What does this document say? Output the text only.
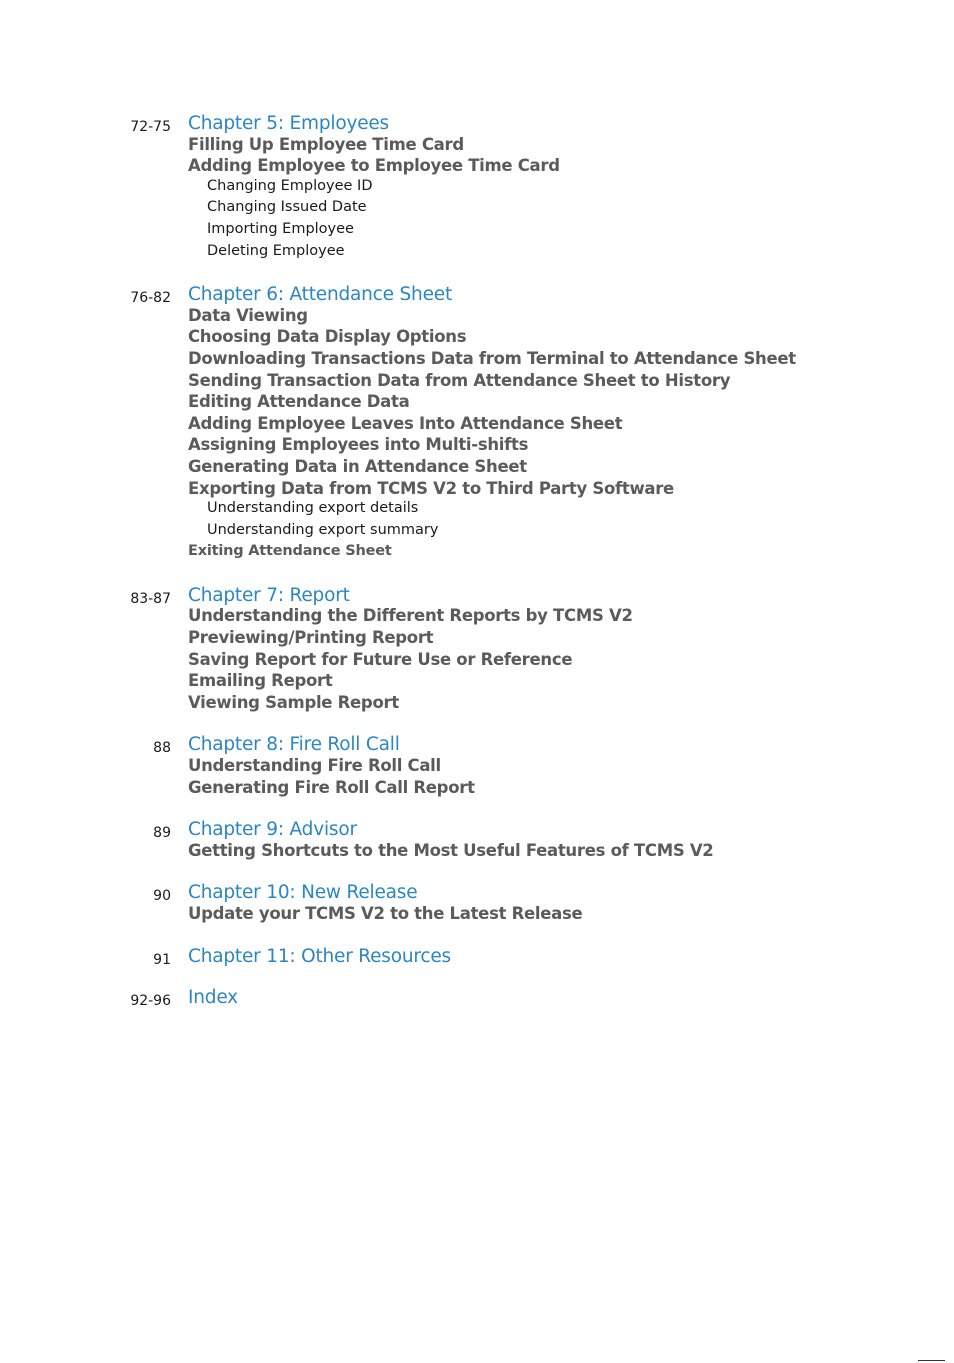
72-75 Chapter 5: Employees
Filling Up Employee Time Card
Adding Employee to Employee Time Card
Changing Employee ID
Changing Issued Date
Importing Employee
Deleting Employee
76-82 Chapter 6: Attendance Sheet
Data Viewing
Choosing Data Display Options
Downloading Transactions Data from Terminal to Attendance Sheet
Sending Transaction Data from Attendance Sheet to History
Editing Attendance Data
Adding Employee Leaves Into Attendance Sheet
Assigning Employees into Multi-shifts
Generating Data in Attendance Sheet
Exporting Data from TCMS V2 to Third Party Software
Understanding export details
Understanding export summary
Exiting Attendance Sheet
83-87 Chapter 7: Report
Understanding the Different Reports by TCMS V2
Previewing/Printing Report
Saving Report for Future Use or Reference
Emailing Report
Viewing Sample Report
88 Chapter 8: Fire Roll Call
Understanding Fire Roll Call
Generating Fire Roll Call Report
89 Chapter 9: Advisor
Getting Shortcuts to the Most Useful Features of TCMS V2
90 Chapter 10: New Release
Update your TCMS V2 to the Latest Release
91 Chapter 11: Other Resources
92-96 Index
